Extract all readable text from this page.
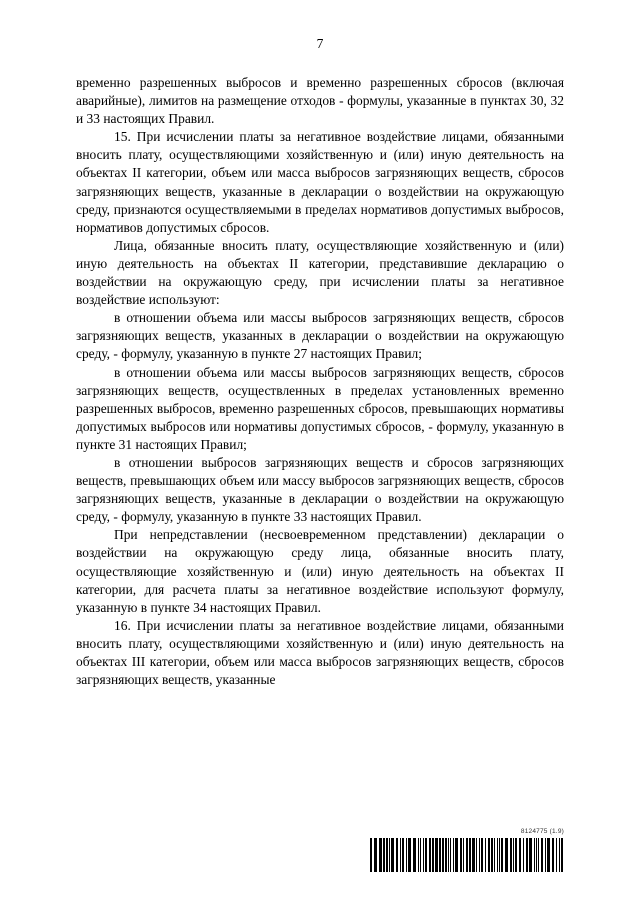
7

временно разрешенных выбросов и временно разрешенных сбросов (включая аварийные), лимитов на размещение отходов - формулы, указанные в пунктах 30, 32 и 33 настоящих Правил.

15. При исчислении платы за негативное воздействие лицами, обязанными вносить плату, осуществляющими хозяйственную и (или) иную деятельность на объектах II категории, объем или масса выбросов загрязняющих веществ, сбросов загрязняющих веществ, указанные в декларации о воздействии на окружающую среду, признаются осуществляемыми в пределах нормативов допустимых выбросов, нормативов допустимых сбросов.

Лица, обязанные вносить плату, осуществляющие хозяйственную и (или) иную деятельность на объектах II категории, представившие декларацию о воздействии на окружающую среду, при исчислении платы за негативное воздействие используют:

в отношении объема или массы выбросов загрязняющих веществ, сбросов загрязняющих веществ, указанных в декларации о воздействии на окружающую среду, - формулу, указанную в пункте 27 настоящих Правил;

в отношении объема или массы выбросов загрязняющих веществ, сбросов загрязняющих веществ, осуществленных в пределах установленных временно разрешенных выбросов, временно разрешенных сбросов, превышающих нормативы допустимых выбросов или нормативы допустимых сбросов, - формулу, указанную в пункте 31 настоящих Правил;

в отношении выбросов загрязняющих веществ и сбросов загрязняющих веществ, превышающих объем или массу выбросов загрязняющих веществ, сбросов загрязняющих веществ, указанные в декларации о воздействии на окружающую среду, - формулу, указанную в пункте 33 настоящих Правил.

При непредставлении (несвоевременном представлении) декларации о воздействии на окружающую среду лица, обязанные вносить плату, осуществляющие хозяйственную и (или) иную деятельность на объектах II категории, для расчета платы за негативное воздействие используют формулу, указанную в пункте 34 настоящих Правил.

16. При исчислении платы за негативное воздействие лицами, обязанными вносить плату, осуществляющими хозяйственную и (или) иную деятельность на объектах III категории, объем или масса выбросов загрязняющих веществ, сбросов загрязняющих веществ, указанные

8124775 (1.9)
